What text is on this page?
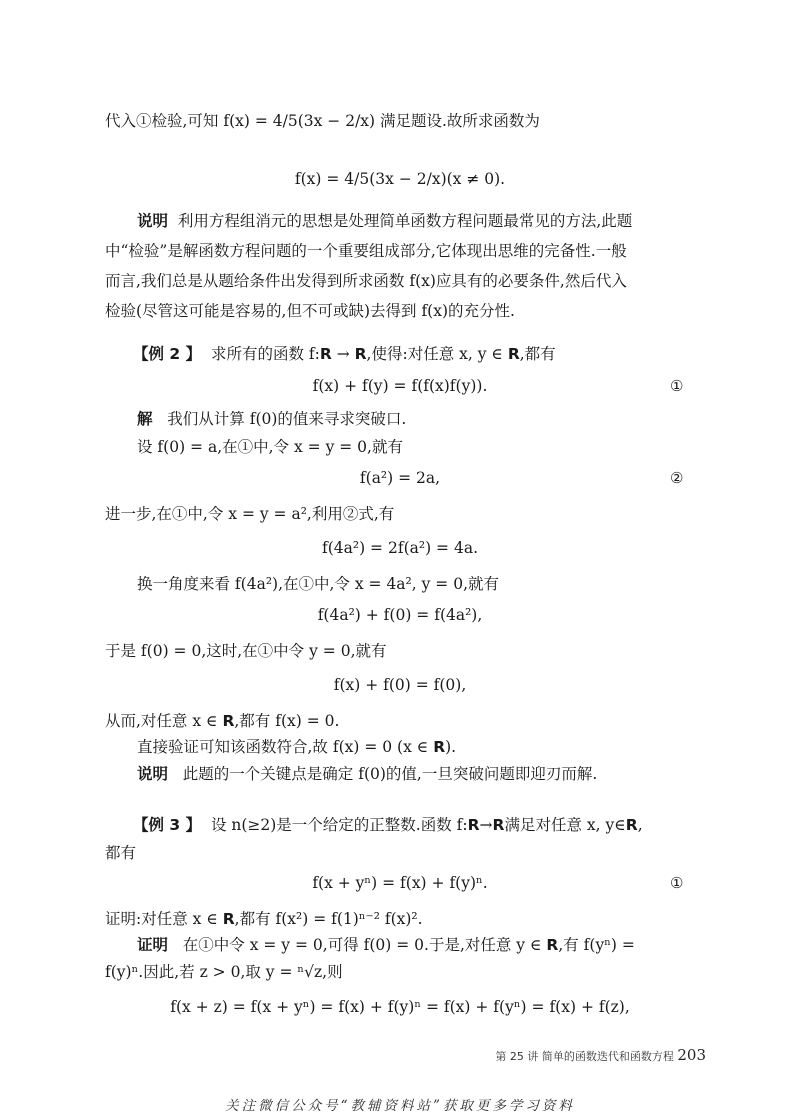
代入①检验,可知 f(x) = 4/5(3x − 2/x) 满足题设.故所求函数为
f(x) = 4/5(3x − 2/x)(x ≠ 0).
说明 利用方程组消元的思想是处理简单函数方程问题最常见的方法,此题
中“检验”是解函数方程问题的一个重要组成部分,它体现出思维的完备性.一般
而言,我们总是从题给条件出发得到所求函数 f(x)应具有的必要条件,然后代入
检验(尽管这可能是容易的,但不可或缺)去得到 f(x)的充分性.
【例 2 】 求所有的函数 f:R → R,使得:对任意 x, y ∈ R,都有
f(x) + f(y) = f(f(x)f(y)).	①
解 我们从计算 f(0)的值来寻求突破口.
设 f(0) = a,在①中,令 x = y = 0,就有
f(a²) = 2a,	②
进一步,在①中,令 x = y = a²,利用②式,有
f(4a²) = 2f(a²) = 4a.
换一角度来看 f(4a²),在①中,令 x = 4a², y = 0,就有
f(4a²) + f(0) = f(4a²),
于是 f(0) = 0,这时,在①中令 y = 0,就有
f(x) + f(0) = f(0),
从而,对任意 x ∈ R,都有 f(x) = 0.
直接验证可知该函数符合,故 f(x) = 0 (x ∈ R).
说明 此题的一个关键点是确定 f(0)的值,一旦突破问题即迎刃而解.
【例 3 】 设 n(≥2)是一个给定的正整数.函数 f:R→R满足对任意 x, y∈R,
都有
f(x + yⁿ) = f(x) + f(y)ⁿ.	①
证明:对任意 x ∈ R,都有 f(x²) = f(1)ⁿ⁻² f(x)².
证明 在①中令 x = y = 0,可得 f(0) = 0.于是,对任意 y ∈ R,有 f(yⁿ) =
f(y)ⁿ.因此,若 z > 0,取 y = ⁿ√z,则
f(x + z) = f(x + yⁿ) = f(x) + f(y)ⁿ = f(x) + f(yⁿ) = f(x) + f(z),
第 25 讲 简单的函数迭代和函数方程 203
关注微信公众号“教辅资料站”获取更多学习资料
